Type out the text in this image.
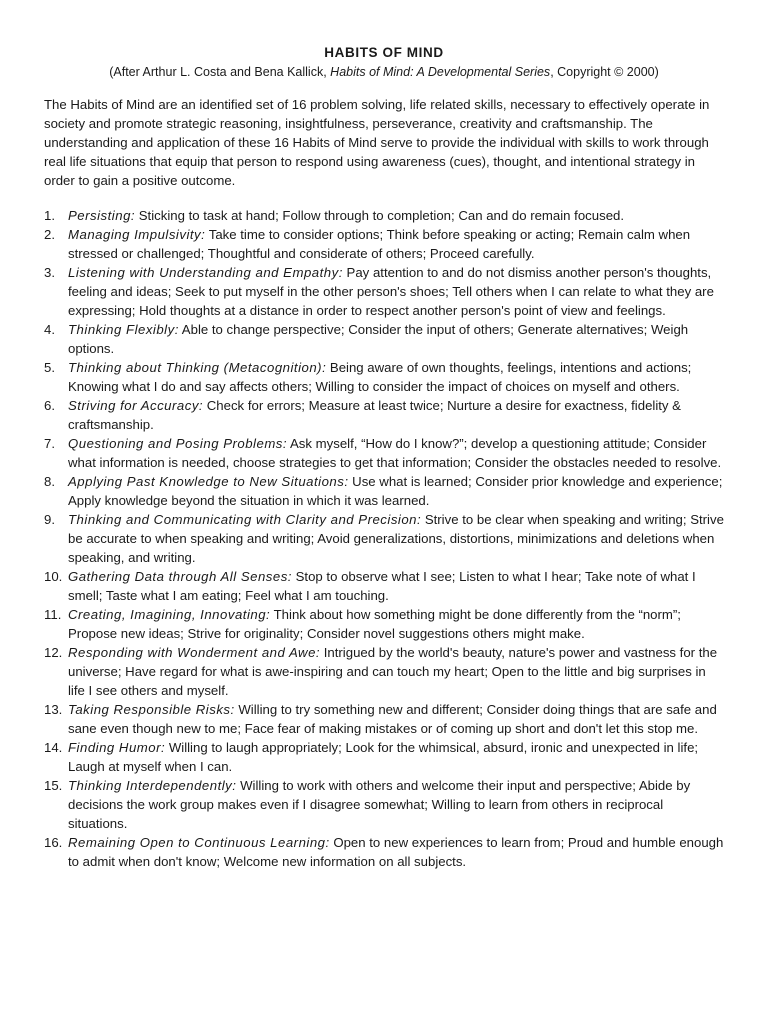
HABITS OF MIND

(After Arthur L. Costa and Bena Kallick, Habits of Mind: A Developmental Series, Copyright © 2000)

The Habits of Mind are an identified set of 16 problem solving, life related skills, necessary to effectively operate in society and promote strategic reasoning, insightfulness, perseverance, creativity and craftsmanship. The understanding and application of these 16 Habits of Mind serve to provide the individual with skills to work through real life situations that equip that person to respond using awareness (cues), thought, and intentional strategy in order to gain a positive outcome.

1. Persisting: Sticking to task at hand; Follow through to completion; Can and do remain focused.
2. Managing Impulsivity: Take time to consider options; Think before speaking or acting; Remain calm when stressed or challenged; Thoughtful and considerate of others; Proceed carefully.
3. Listening with Understanding and Empathy: Pay attention to and do not dismiss another person's thoughts, feeling and ideas; Seek to put myself in the other person's shoes; Tell others when I can relate to what they are expressing; Hold thoughts at a distance in order to respect another person's point of view and feelings.
4. Thinking Flexibly: Able to change perspective; Consider the input of others; Generate alternatives; Weigh options.
5. Thinking about Thinking (Metacognition): Being aware of own thoughts, feelings, intentions and actions; Knowing what I do and say affects others; Willing to consider the impact of choices on myself and others.
6. Striving for Accuracy: Check for errors; Measure at least twice; Nurture a desire for exactness, fidelity & craftsmanship.
7. Questioning and Posing Problems: Ask myself, “How do I know?”; develop a questioning attitude; Consider what information is needed, choose strategies to get that information; Consider the obstacles needed to resolve.
8. Applying Past Knowledge to New Situations: Use what is learned; Consider prior knowledge and experience; Apply knowledge beyond the situation in which it was learned.
9. Thinking and Communicating with Clarity and Precision: Strive to be clear when speaking and writing; Strive be accurate to when speaking and writing; Avoid generalizations, distortions, minimizations and deletions when speaking, and writing.
10. Gathering Data through All Senses: Stop to observe what I see; Listen to what I hear; Take note of what I smell; Taste what I am eating; Feel what I am touching.
11. Creating, Imagining, Innovating: Think about how something might be done differently from the “norm”; Propose new ideas; Strive for originality; Consider novel suggestions others might make.
12. Responding with Wonderment and Awe: Intrigued by the world's beauty, nature's power and vastness for the universe; Have regard for what is awe-inspiring and can touch my heart; Open to the little and big surprises in life I see others and myself.
13. Taking Responsible Risks: Willing to try something new and different; Consider doing things that are safe and sane even though new to me; Face fear of making mistakes or of coming up short and don't let this stop me.
14. Finding Humor: Willing to laugh appropriately; Look for the whimsical, absurd, ironic and unexpected in life; Laugh at myself when I can.
15. Thinking Interdependently: Willing to work with others and welcome their input and perspective; Abide by decisions the work group makes even if I disagree somewhat; Willing to learn from others in reciprocal situations.
16. Remaining Open to Continuous Learning: Open to new experiences to learn from; Proud and humble enough to admit when don't know; Welcome new information on all subjects.
